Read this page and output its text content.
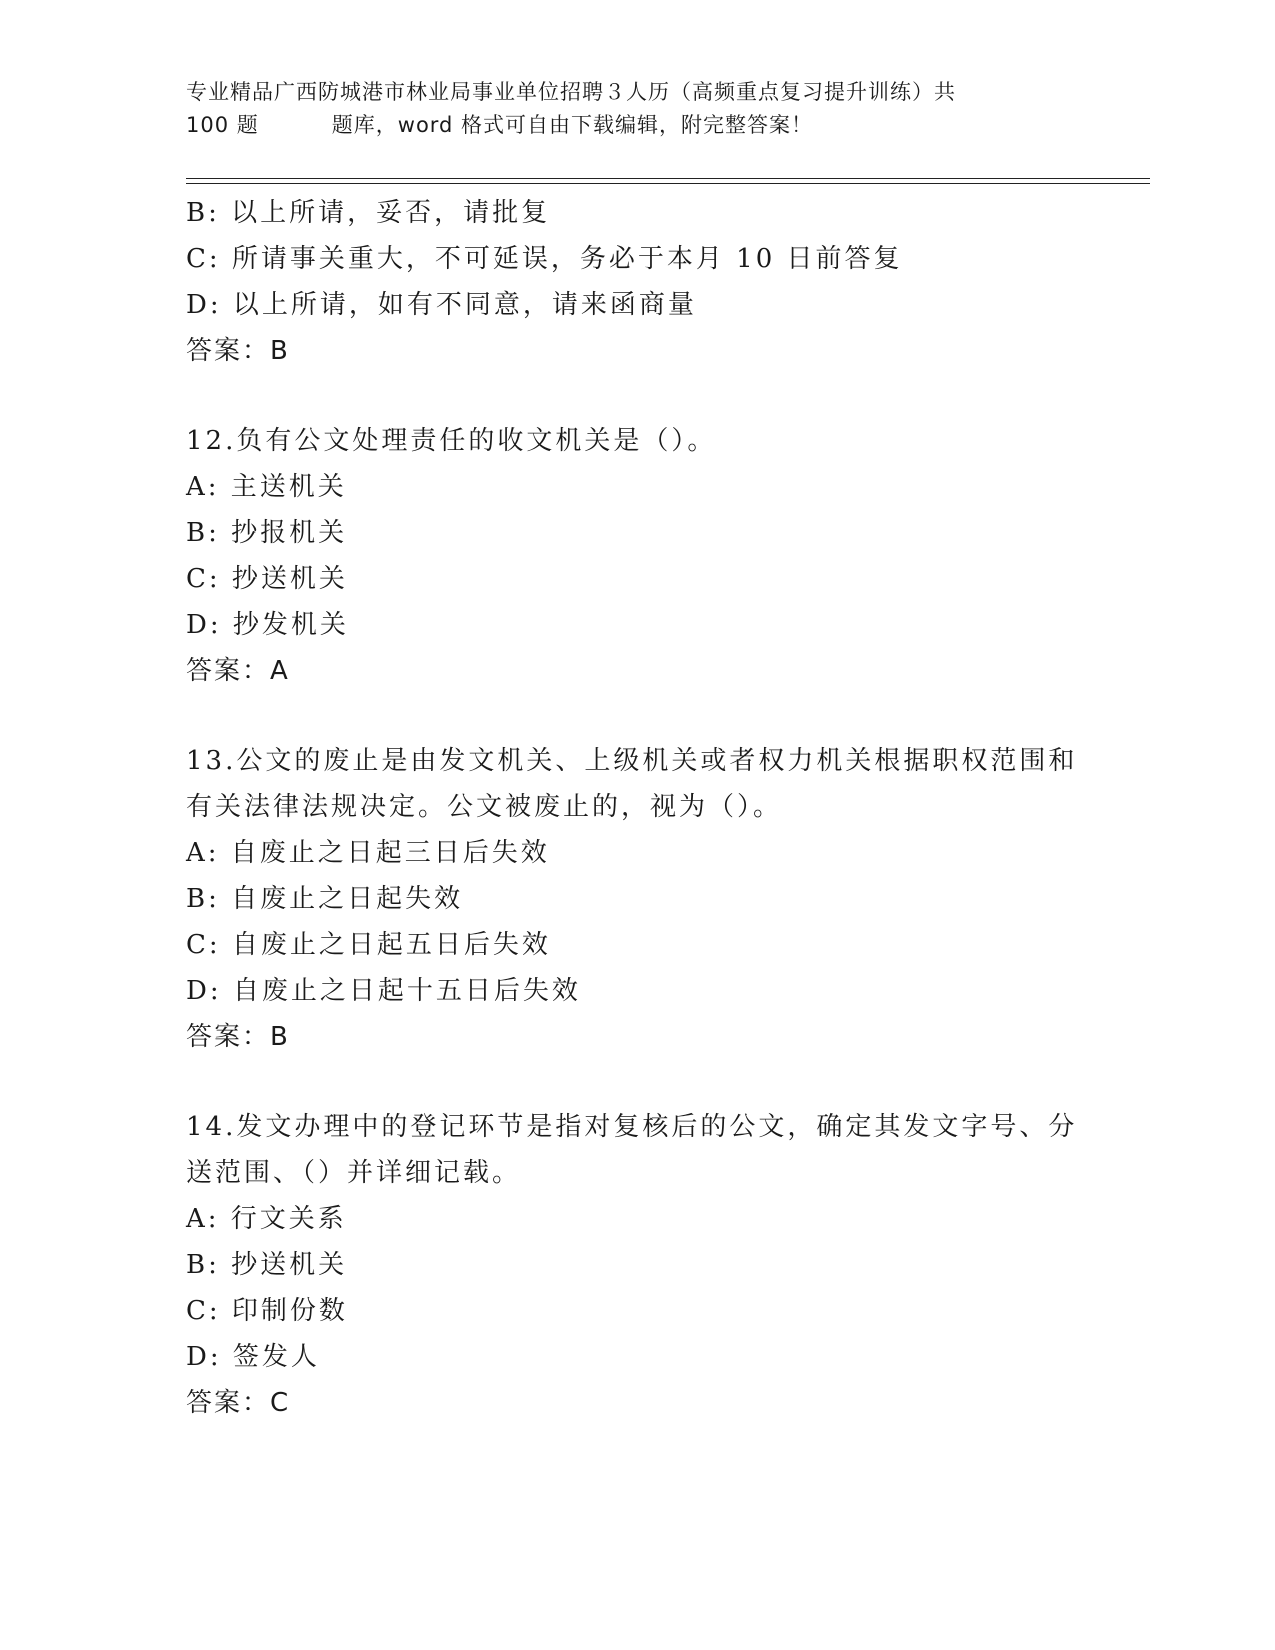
专业精品广西防城港市林业局事业单位招聘３人历（高频重点复习提升训练）共
100 题	题库，word 格式可自由下载编辑，附完整答案！
B: 以上所请，妥否，请批复
C: 所请事关重大，不可延误，务必于本月 10 日前答复
D: 以上所请，如有不同意，请来函商量
答案：B
12.负有公文处理责任的收文机关是（）。
A: 主送机关
B: 抄报机关
C: 抄送机关
D: 抄发机关
答案：A
13.公文的废止是由发文机关、上级机关或者权力机关根据职权范围和
有关法律法规决定。公文被废止的，视为（）。
A: 自废止之日起三日后失效
B: 自废止之日起失效
C: 自废止之日起五日后失效
D: 自废止之日起十五日后失效
答案：B
14.发文办理中的登记环节是指对复核后的公文，确定其发文字号、分
送范围、（）并详细记载。
A: 行文关系
B: 抄送机关
C: 印制份数
D: 签发人
答案：C
